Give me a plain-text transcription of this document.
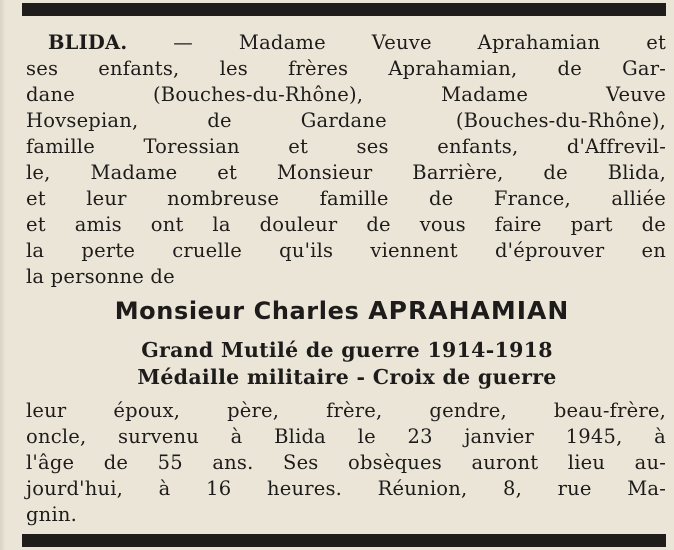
BLIDA. — Madame Veuve Aprahamian et
ses enfants, les frères Aprahamian, de Gar-
dane (Bouches-du-Rhône), Madame Veuve
Hovsepian, de Gardane (Bouches-du-Rhône),
famille Toressian et ses enfants, d'Affrevil-
le, Madame et Monsieur Barrière, de Blida,
et leur nombreuse famille de France, alliée
et amis ont la douleur de vous faire part de
la perte cruelle qu'ils viennent d'éprouver en
la personne de
Monsieur Charles APRAHAMIAN
Grand Mutilé de guerre 1914-1918
Médaille militaire - Croix de guerre
leur époux, père, frère, gendre, beau-frère,
oncle, survenu à Blida le 23 janvier 1945, à
l'âge de 55 ans. Ses obsèques auront lieu au-
jourd'hui, à 16 heures. Réunion, 8, rue Ma-
gnin.
